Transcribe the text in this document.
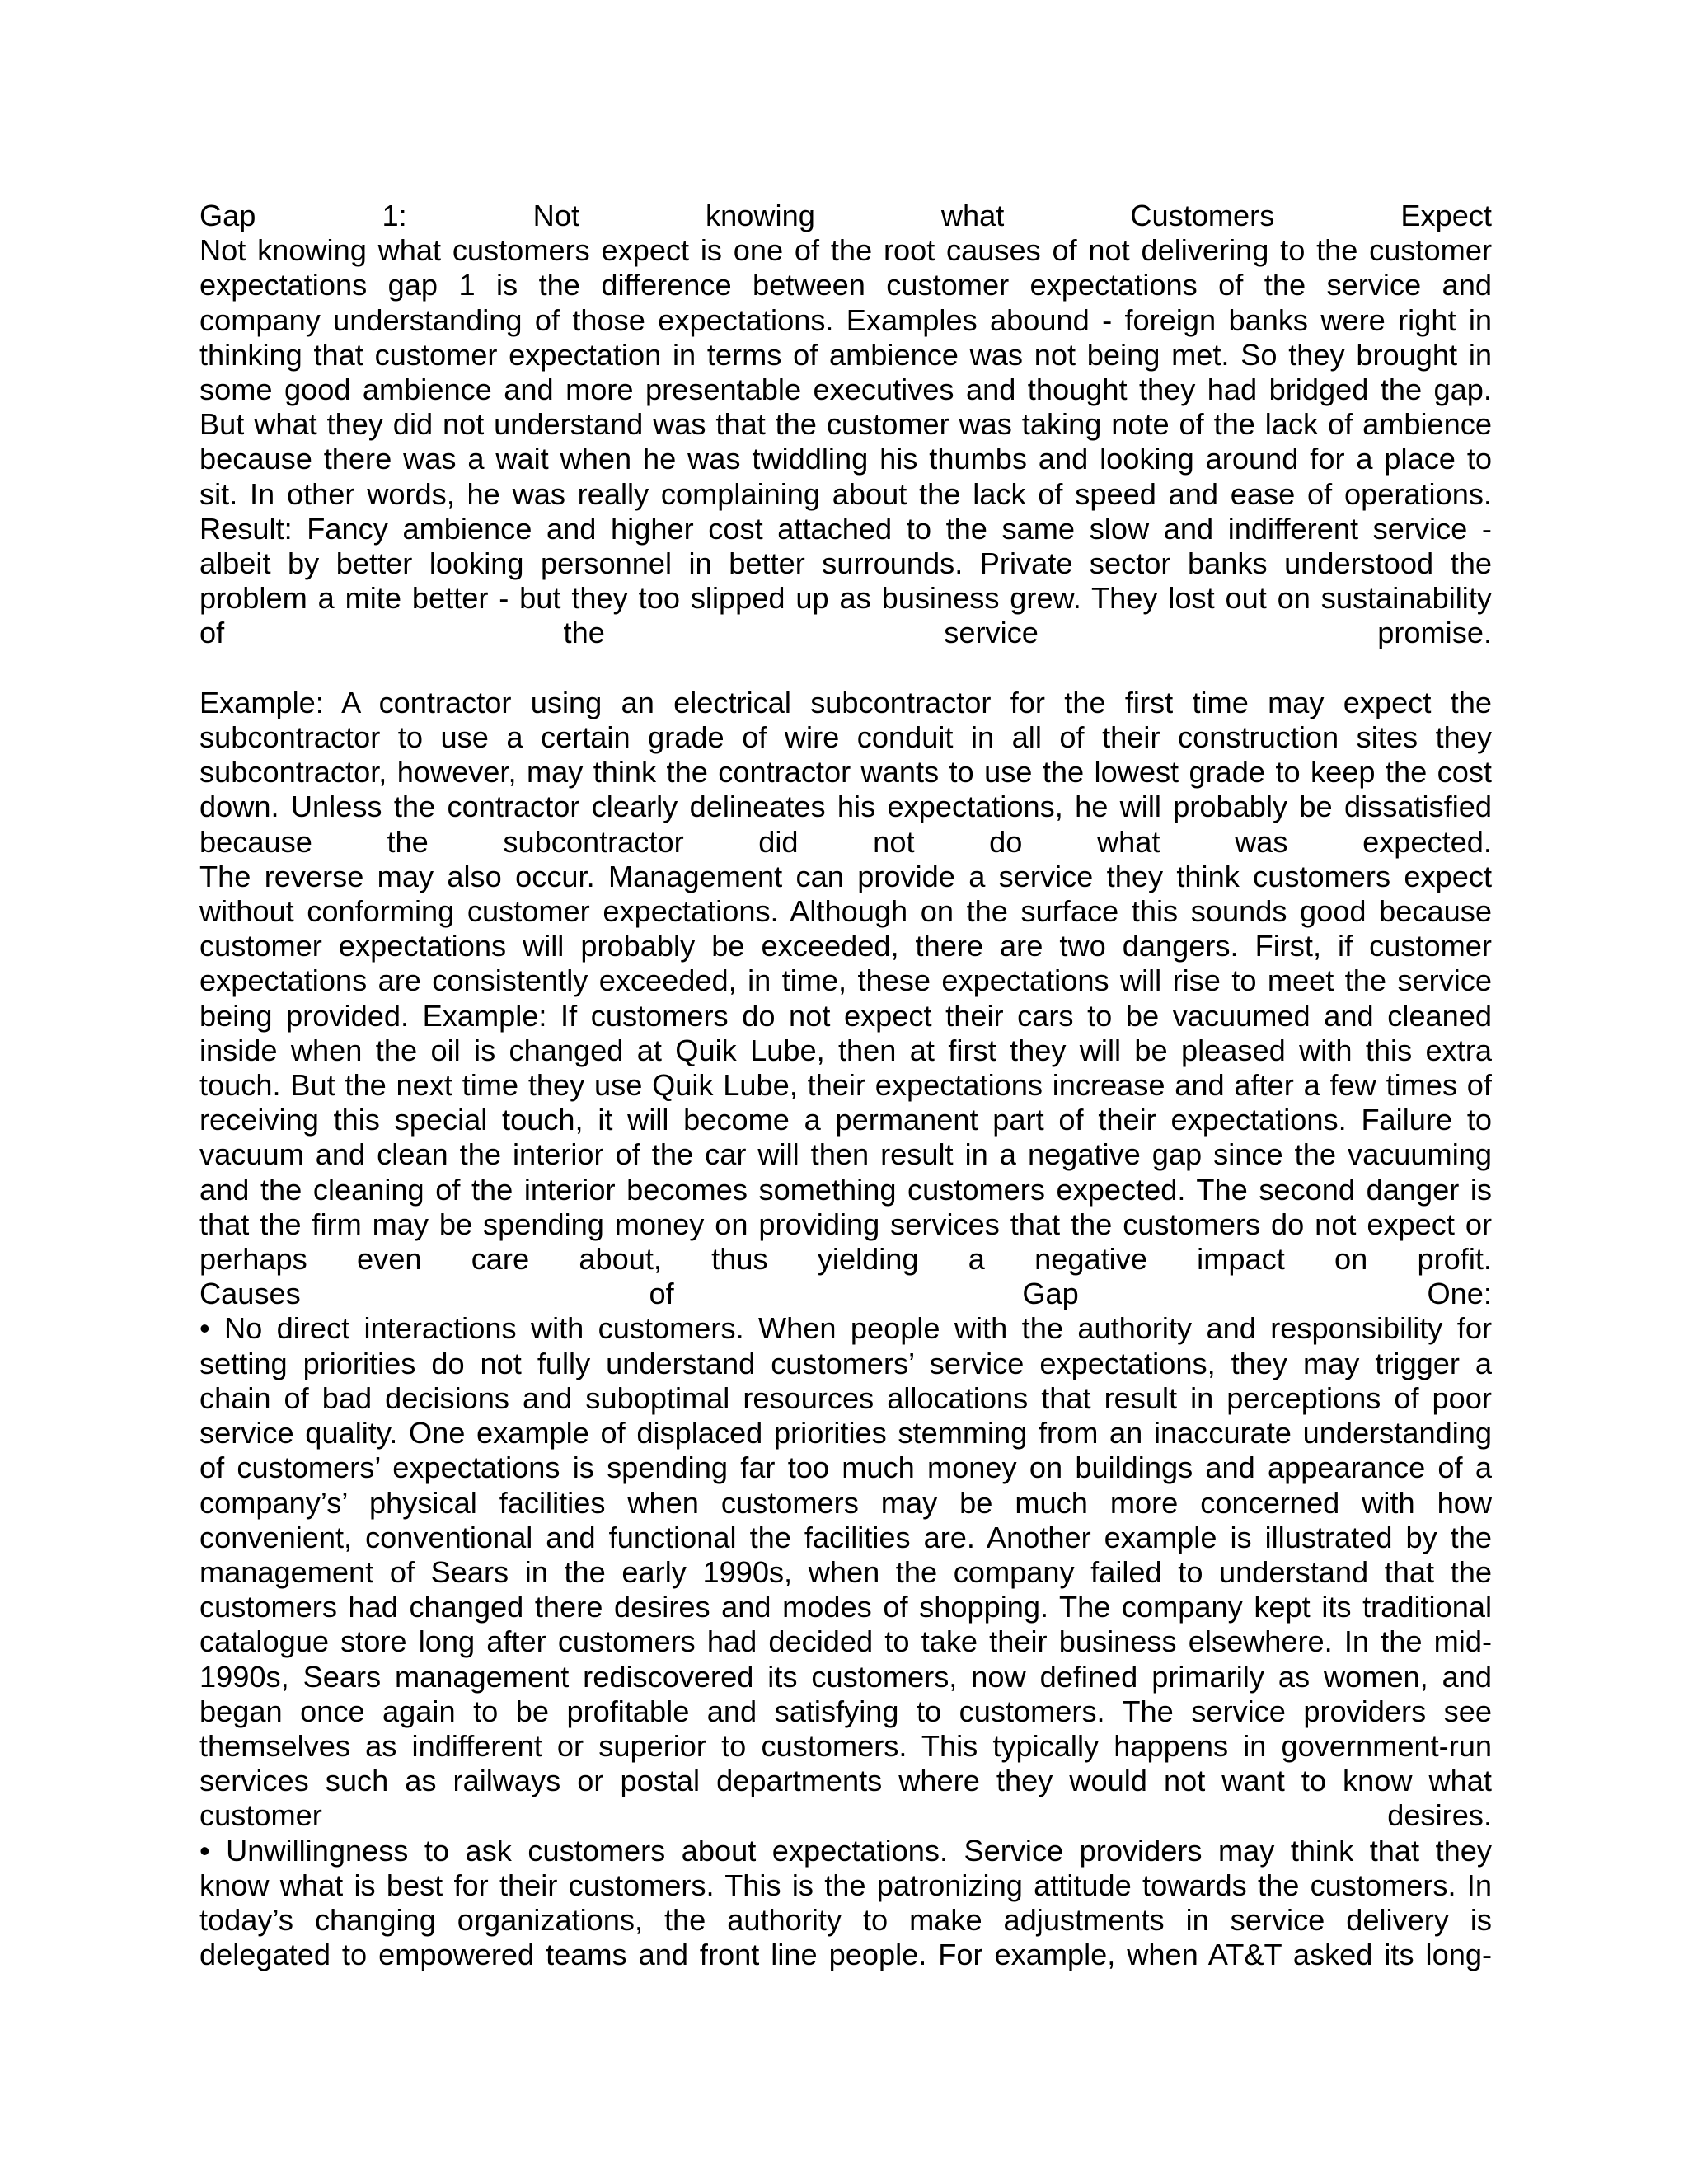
Gap 1: Not knowing what Customers Expect
Not knowing what customers expect is one of the root causes of not delivering to the customer
expectations gap 1 is the difference between customer expectations of the service and
company understanding of those expectations. Examples abound - foreign banks were right in
thinking that customer expectation in terms of ambience was not being met. So they brought in
some good ambience and more presentable executives and thought they had bridged the gap.
But what they did not understand was that the customer was taking note of the lack of ambience
because there was a wait when he was twiddling his thumbs and looking around for a place to
sit. In other words, he was really complaining about the lack of speed and ease of operations.
Result: Fancy ambience and higher cost attached to the same slow and indifferent service -
albeit by better looking personnel in better surrounds. Private sector banks understood the
problem a mite better - but they too slipped up as business grew. They lost out on sustainability
of the service promise.
Example: A contractor using an electrical subcontractor for the first time may expect the
subcontractor to use a certain grade of wire conduit in all of their construction sites they
subcontractor, however, may think the contractor wants to use the lowest grade to keep the cost
down. Unless the contractor clearly delineates his expectations, he will probably be dissatisfied
because the subcontractor did not do what was expected.
The reverse may also occur. Management can provide a service they think customers expect
without conforming customer expectations. Although on the surface this sounds good because
customer expectations will probably be exceeded, there are two dangers. First, if customer
expectations are consistently exceeded, in time, these expectations will rise to meet the service
being provided. Example: If customers do not expect their cars to be vacuumed and cleaned
inside when the oil is changed at Quik Lube, then at first they will be pleased with this extra
touch. But the next time they use Quik Lube, their expectations increase and after a few times of
receiving this special touch, it will become a permanent part of their expectations. Failure to
vacuum and clean the interior of the car will then result in a negative gap since the vacuuming
and the cleaning of the interior becomes something customers expected. The second danger is
that the firm may be spending money on providing services that the customers do not expect or
perhaps even care about, thus yielding a negative impact on profit.
Causes of Gap One:
• No direct interactions with customers. When people with the authority and responsibility for
setting priorities do not fully understand customers’ service expectations, they may trigger a
chain of bad decisions and suboptimal resources allocations that result in perceptions of poor
service quality. One example of displaced priorities stemming from an inaccurate understanding
of customers’ expectations is spending far too much money on buildings and appearance of a
company’s’ physical facilities when customers may be much more concerned with how
convenient, conventional and functional the facilities are. Another example is illustrated by the
management of Sears in the early 1990s, when the company failed to understand that the
customers had changed there desires and modes of shopping. The company kept its traditional
catalogue store long after customers had decided to take their business elsewhere. In the mid-
1990s, Sears management rediscovered its customers, now defined primarily as women, and
began once again to be profitable and satisfying to customers. The service providers see
themselves as indifferent or superior to customers. This typically happens in government-run
services such as railways or postal departments where they would not want to know what
customer desires.
• Unwillingness to ask customers about expectations. Service providers may think that they
know what is best for their customers. This is the patronizing attitude towards the customers. In
today’s changing organizations, the authority to make adjustments in service delivery is
delegated to empowered teams and front line people. For example, when AT&T asked its long-
